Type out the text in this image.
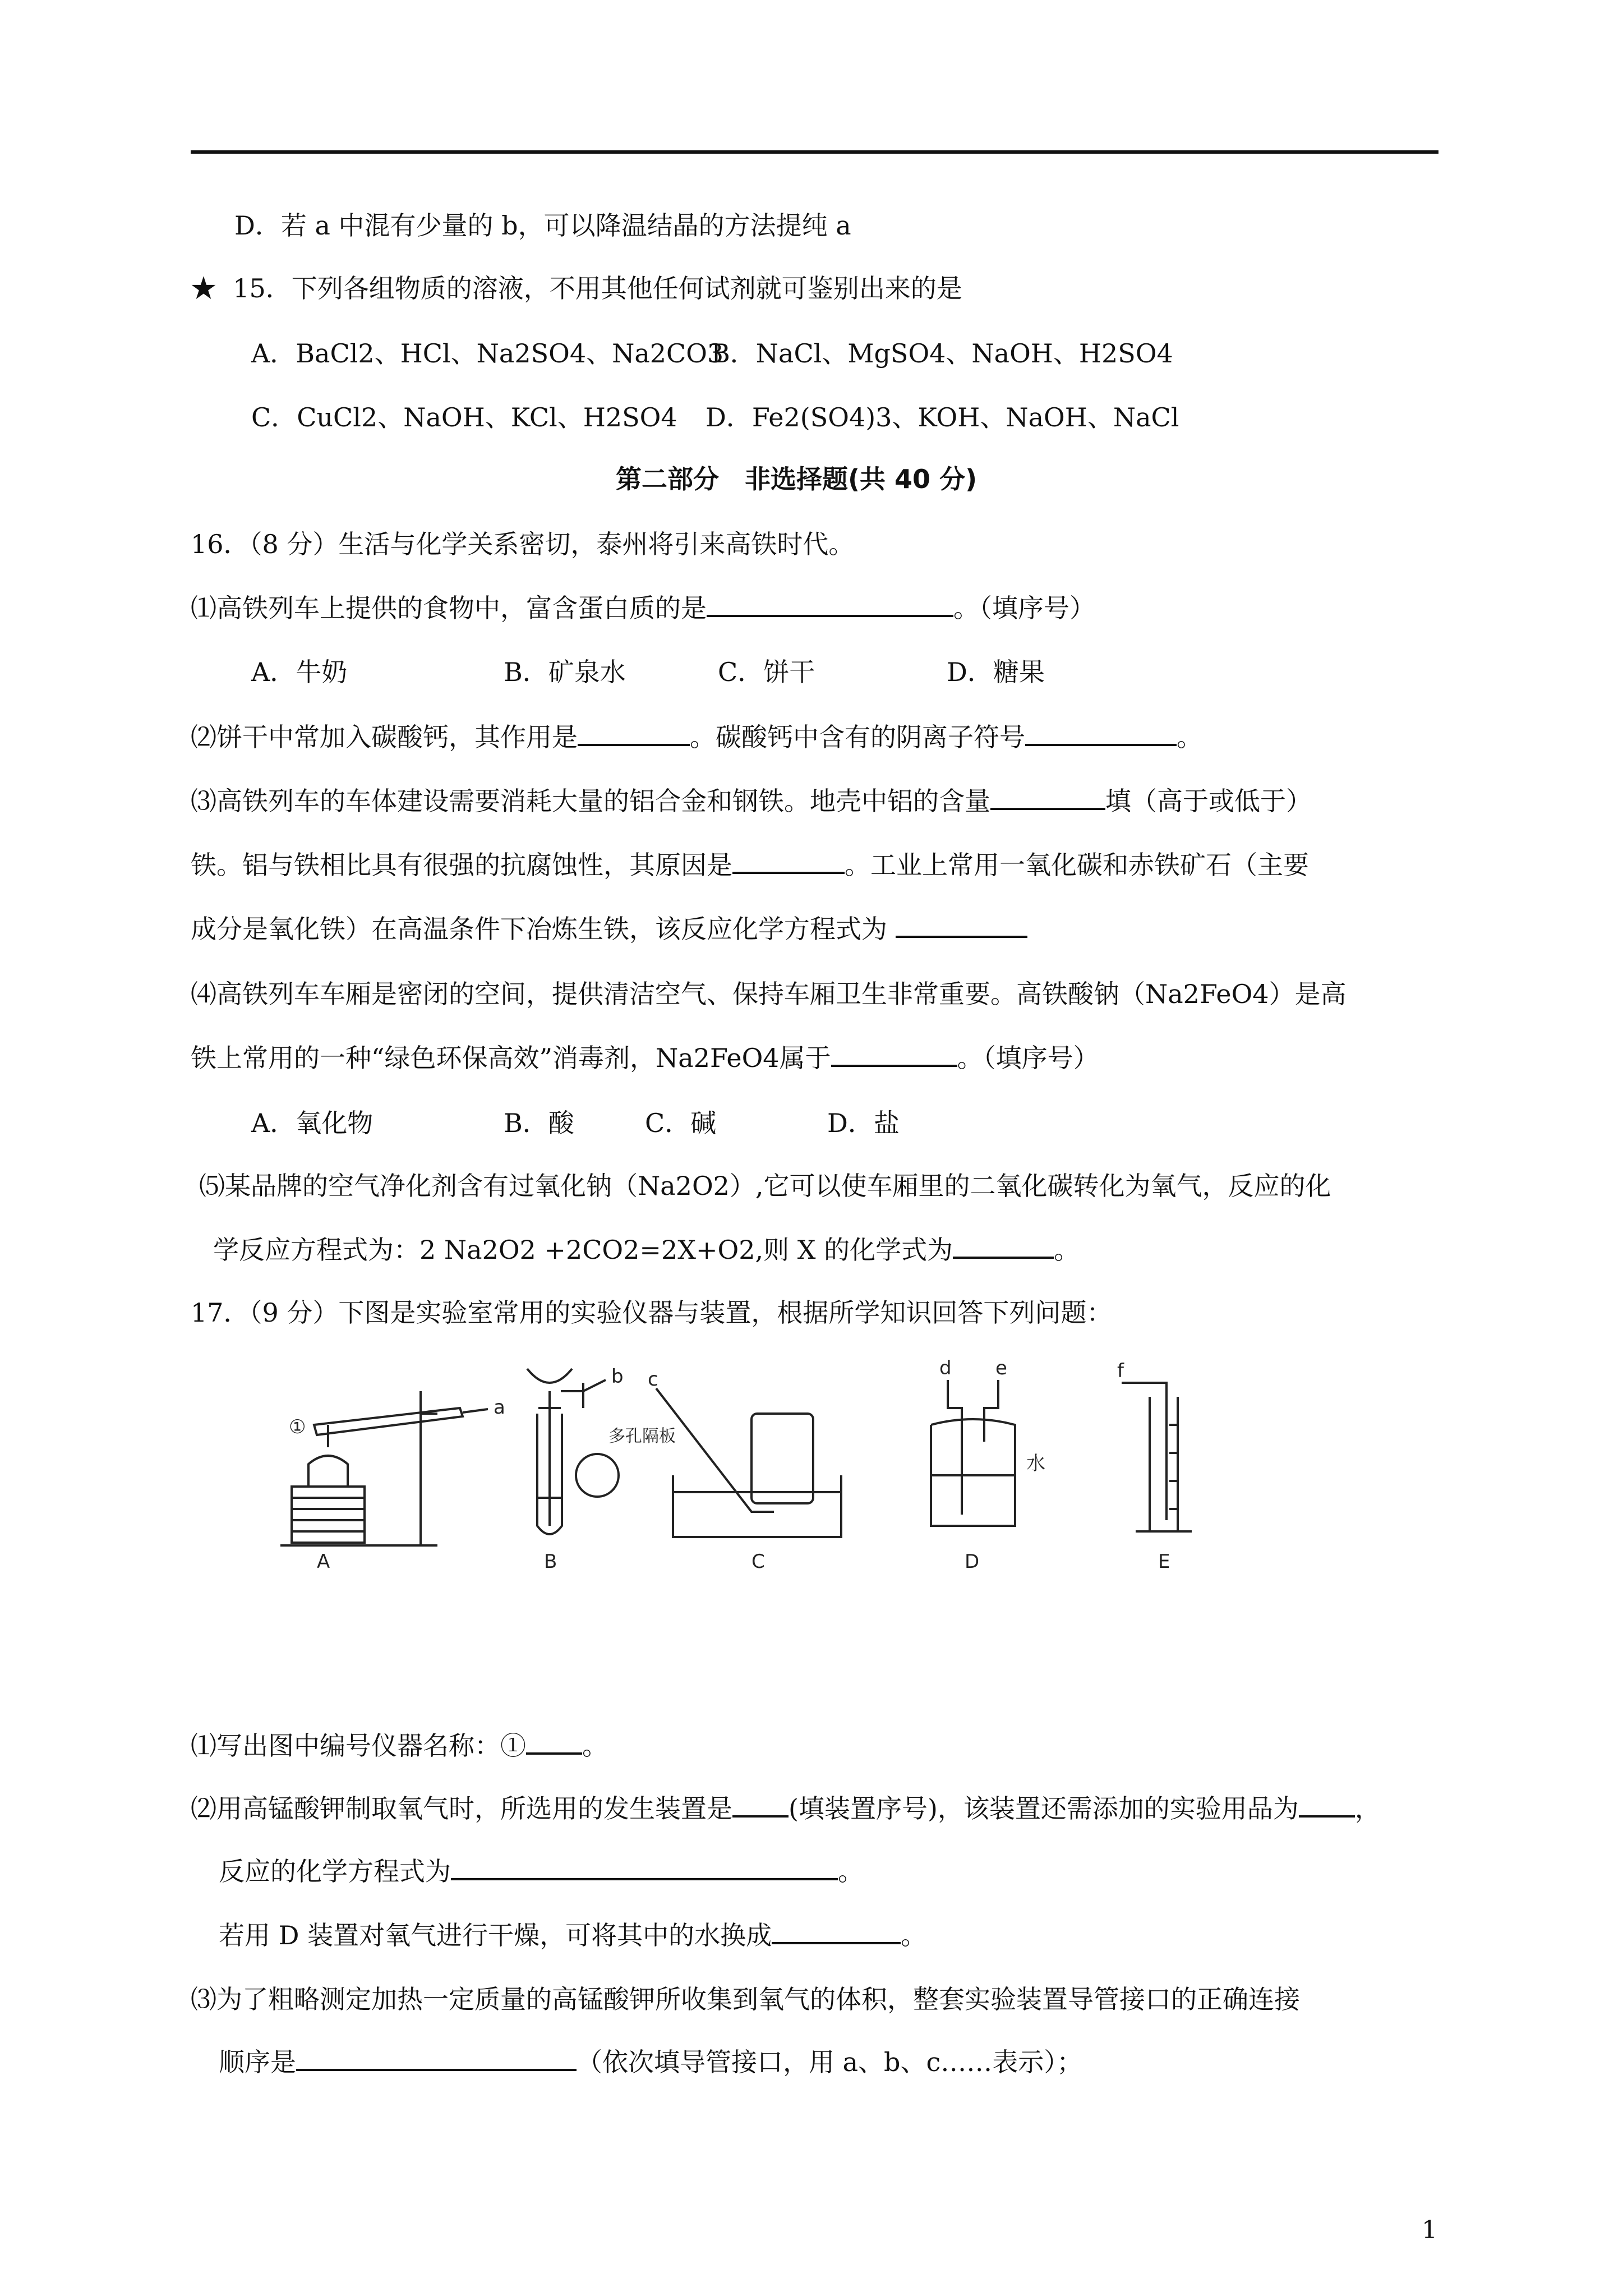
D．若 a 中混有少量的 b，可以降温结晶的方法提纯 a
★ 15．下列各组物质的溶液，不用其他任何试剂就可鉴别出来的是
A．BaCl2、HCl、Na2SO4、Na2CO3
B．NaCl、MgSO4、NaOH、H2SO4
C．CuCl2、NaOH、KCl、H2SO4 D．Fe2(SO4)3、KOH、NaOH、NaCl
第二部分　非选择题(共 40 分)
16．（8 分）生活与化学关系密切，泰州将引来高铁时代。
⑴高铁列车上提供的食物中，富含蛋白质的是	。（填序号）
A．牛奶	B．矿泉水	C．饼干	D．糖果
⑵饼干中常加入碳酸钙，其作用是	。碳酸钙中含有的阴离子符号	。
⑶高铁列车的车体建设需要消耗大量的铝合金和钢铁。地壳中铝的含量	填（高于或低于）
铁。铝与铁相比具有很强的抗腐蚀性，其原因是	。工业上常用一氧化碳和赤铁矿石（主要
成分是氧化铁）在高温条件下冶炼生铁，该反应化学方程式为
⑷高铁列车车厢是密闭的空间，提供清洁空气、保持车厢卫生非常重要。高铁酸钠（Na2FeO4）是高
铁上常用的一种“绿色环保高效”消毒剂，Na2FeO4属于	。（填序号）
A．氧化物	B．酸	C．碱	D．盐
⑸某品牌的空气净化剂含有过氧化钠（Na2O2）,它可以使车厢里的二氧化碳转化为氧气，反应的化
学反应方程式为：2 Na2O2 +2CO2=2X+O2,则 X 的化学式为	。
17．（9 分）下图是实验室常用的实验仪器与装置，根据所学知识回答下列问题：
①
a
b
多孔隔板
c	d e
水
f
A	B	C	D	E
⑴写出图中编号仪器名称：① 。
⑵用高锰酸钾制取氧气时，所选用的发生装置是 (填装置序号)，该装置还需添加的实验用品为 ，
反应的化学方程式为	。
若用 D 装置对氧气进行干燥，可将其中的水换成	。
⑶为了粗略测定加热一定质量的高锰酸钾所收集到氧气的体积，整套实验装置导管接口的正确连接
顺序是	（依次填导管接口，用 a、b、c……表示）；
1
